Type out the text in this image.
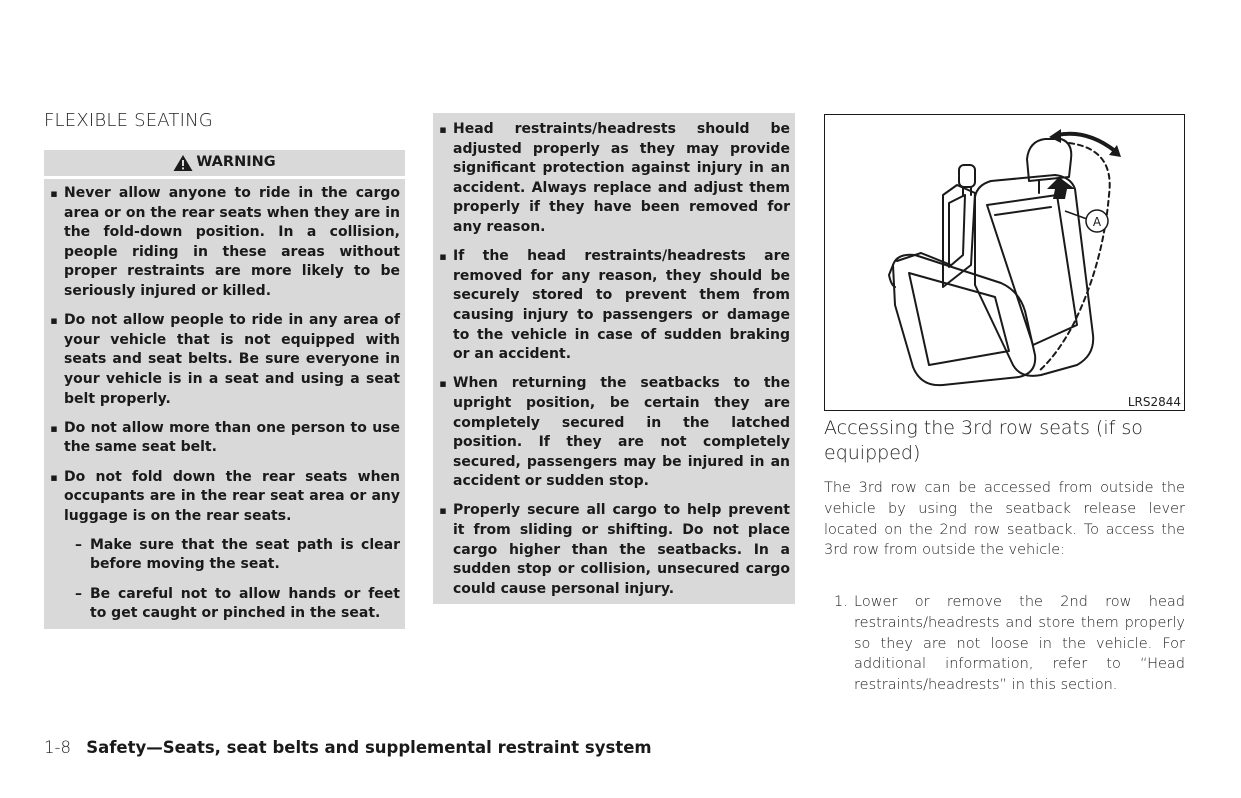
FLEXIBLE SEATING
WARNING
▪ Never allow anyone to ride in the cargo area or on the rear seats when they are in the fold-down position. In a collision, people riding in these areas without proper restraints are more likely to be seriously injured or killed.
▪ Do not allow people to ride in any area of your vehicle that is not equipped with seats and seat belts. Be sure everyone in your vehicle is in a seat and using a seat belt properly.
▪ Do not allow more than one person to use the same seat belt.
▪ Do not fold down the rear seats when occupants are in the rear seat area or any luggage is on the rear seats.
– Make sure that the seat path is clear before moving the seat.
– Be careful not to allow hands or feet to get caught or pinched in the seat.
▪ Head restraints/headrests should be adjusted properly as they may provide significant protection against injury in an accident. Always replace and adjust them properly if they have been removed for any reason.
▪ If the head restraints/headrests are removed for any reason, they should be securely stored to prevent them from causing injury to passengers or damage to the vehicle in case of sudden braking or an accident.
▪ When returning the seatbacks to the upright position, be certain they are completely secured in the latched position. If they are not completely secured, passengers may be injured in an accident or sudden stop.
▪ Properly secure all cargo to help prevent it from sliding or shifting. Do not place cargo higher than the seatbacks. In a sudden stop or collision, unsecured cargo could cause personal injury.
A
LRS2844
Accessing the 3rd row seats (if so equipped)

The 3rd row can be accessed from outside the vehicle by using the seatback release lever located on the 2nd row seatback. To access the 3rd row from outside the vehicle:

1. Lower or remove the 2nd row head restraints/headrests and store them properly so they are not loose in the vehicle. For additional information, refer to “Head restraints/headrests” in this section.
1-8 Safety—Seats, seat belts and supplemental restraint system
